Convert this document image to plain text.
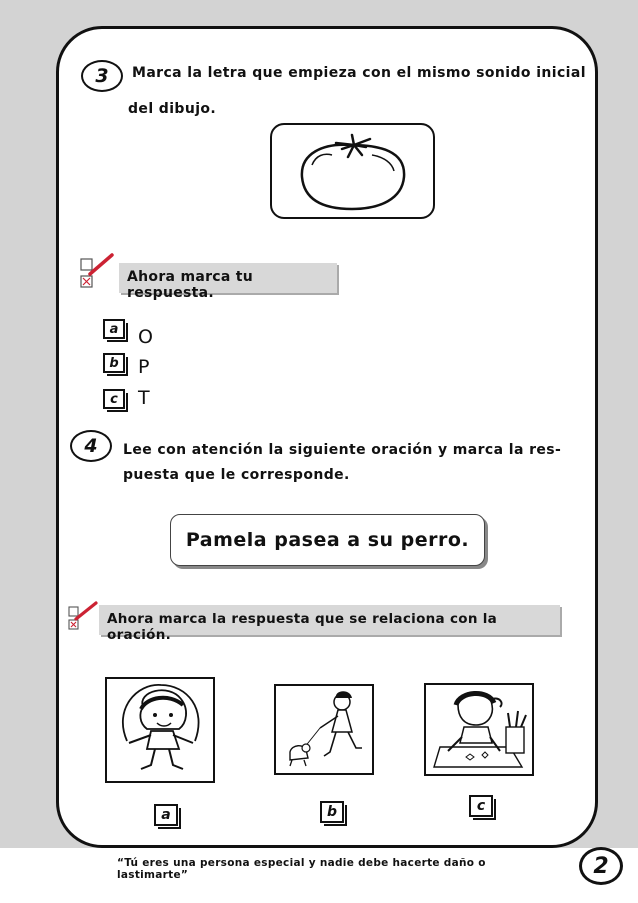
3 Marca la letra que empieza con el mismo sonido inicial
del dibujo.
Ahora marca tu respuesta.
a O
b P
c T
4 Lee con atención la siguiente oración y marca la res-
puesta que le corresponde.
Pamela pasea a su perro.
Ahora marca la respuesta que se relaciona con la oración.
a	b	c
“Tú eres una persona especial y nadie debe hacerte daño o lastimarte”	2
